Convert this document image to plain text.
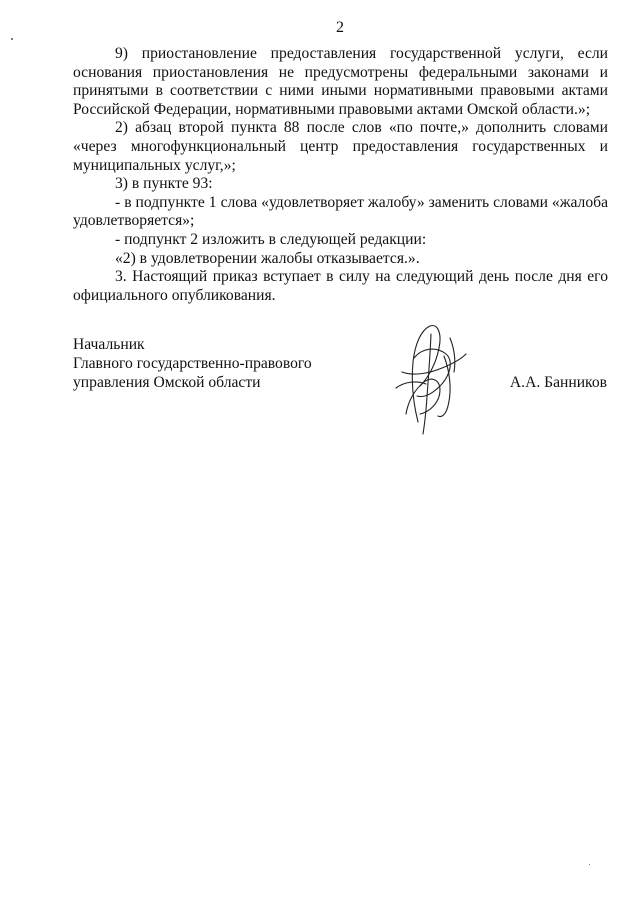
2

9) приостановление предоставления государственной услуги, если основания приостановления не предусмотрены федеральными законами и принятыми в соответствии с ними иными нормативными правовыми актами Российской Федерации, нормативными правовыми актами Омской области.»;

2) абзац второй пункта 88 после слов «по почте,» дополнить словами «через многофункциональный центр предоставления государственных и муниципальных услуг,»;

3) в пункте 93:

- в подпункте 1 слова «удовлетворяет жалобу» заменить словами «жалоба удовлетворяется»;

- подпункт 2 изложить в следующей редакции:

«2) в удовлетворении жалобы отказывается.».

3. Настоящий приказ вступает в силу на следующий день после дня его официального опубликования.

Начальник
Главного государственно-правового
управления Омской области	А.А. Банников
